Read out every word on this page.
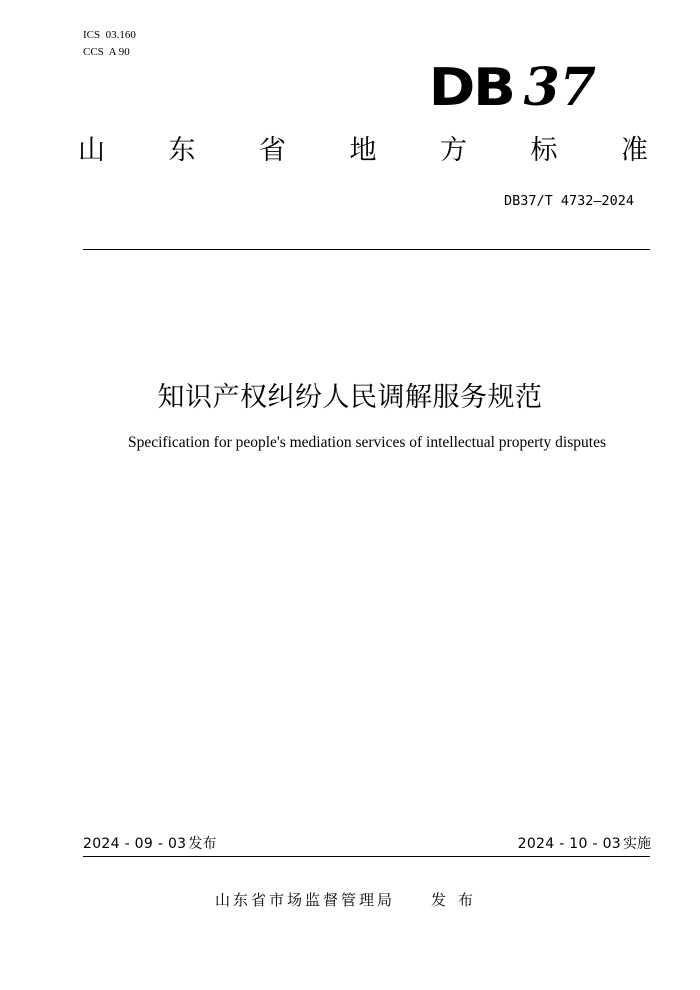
ICS  03.160
CCS  A 90
DB 37
山 东 省 地 方 标 准
DB37/T 4732—2024
知识产权纠纷人民调解服务规范
Specification for people's mediation services of intellectual property disputes
2024 - 09 - 03 发布	2024 - 10 - 03 实施
山东省市场监督管理局 发布
